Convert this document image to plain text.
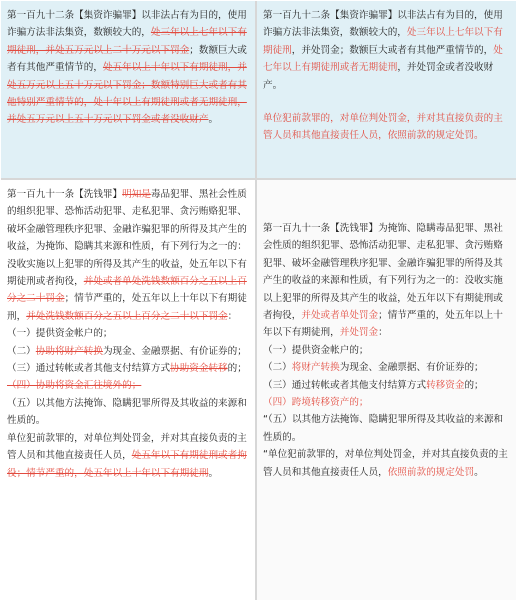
第一百九十二条【集资诈骗罪】以非法占有为目的，使用诈骗方法非法集资，数额较大的，处三年以上七年以下有期徒刑，并处五万元以上二十万元以下罚金；数额巨大或者有其他严重情节的，处五年以上十年以下有期徒刑，并处五万元以上五十万元以下罚金；数额特别巨大或者有其他特别严重情节的，处十年以上有期徒刑或者无期徒刑，并处五万元以上五十万元以下罚金或者没收财产。

第一百九十二条【集资诈骗罪】以非法占有为目的，使用诈骗方法非法集资，数额较大的，处三年以上七年以下有期徒刑，并处罚金；数额巨大或者有其他严重情节的，处七年以上有期徒刑或者无期徒刑，并处罚金或者没收财产。

单位犯前款罪的，对单位判处罚金，并对其直接负责的主管人员和其他直接责任人员，依照前款的规定处罚。

第一百九十一条【洗钱罪】明知是毒品犯罪、黑社会性质的组织犯罪、恐怖活动犯罪、走私犯罪、贪污贿赂犯罪、破坏金融管理秩序犯罪、金融诈骗犯罪的所得及其产生的收益，为掩饰、隐瞒其来源和性质，有下列行为之一的：没收实施以上犯罪的所得及其产生的收益，处五年以下有期徒刑或者拘役，并处或者单处洗钱数额百分之五以上百分之二十罚金；情节严重的，处五年以上十年以下有期徒刑，并处洗钱数额百分之五以上百分之二十以下罚金：

（一）提供资金帐户的；

（二）协助将财产转换为现金、金融票据、有价证券的；

（三）通过转帐或者其他支付结算方式协助资金转移的；

（四）协助将资金汇往境外的；

（五）以其他方法掩饰、隐瞒犯罪所得及其收益的来源和性质的。

单位犯前款罪的，对单位判处罚金，并对其直接负责的主管人员和其他直接责任人员，处五年以下有期徒刑或者拘役；情节严重的，处五年以上十年以下有期徒刑。

第一百九十一条【洗钱罪】为掩饰、隐瞒毒品犯罪、黑社会性质的组织犯罪、恐怖活动犯罪、走私犯罪、贪污贿赂犯罪、破坏金融管理秩序犯罪、金融诈骗犯罪的所得及其产生的收益的来源和性质，有下列行为之一的：没收实施以上犯罪的所得及其产生的收益，处五年以下有期徒刑或者拘役，并处或者单处罚金；情节严重的，处五年以上十年以下有期徒刑，并处罚金：

（一）提供资金帐户的；

（二）将财产转换为现金、金融票据、有价证券的；

（三）通过转帐或者其他支付结算方式转移资金的；

（四）跨境转移资产的；

“（五）以其他方法掩饰、隐瞒犯罪所得及其收益的来源和性质的。

“单位犯前款罪的，对单位判处罚金，并对其直接负责的主管人员和其他直接责任人员，依照前款的规定处罚。
